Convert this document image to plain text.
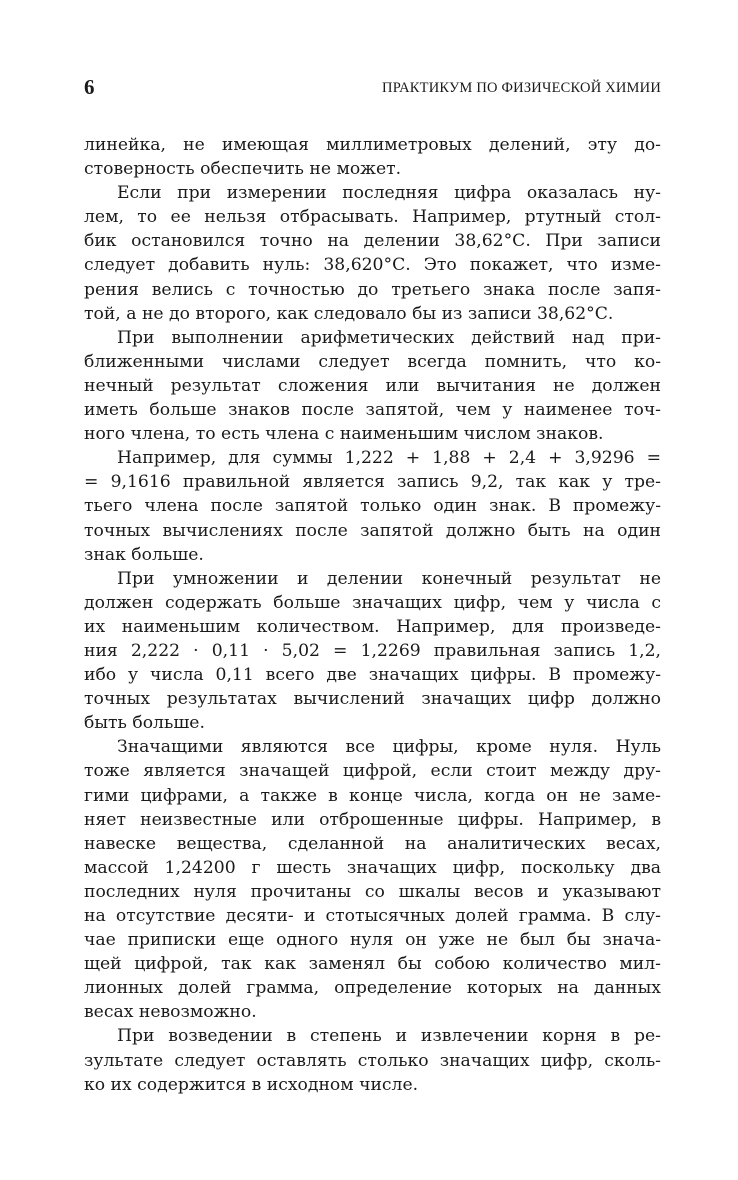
6	ПРАКТИКУМ ПО ФИЗИЧЕСКОЙ ХИМИИ
линейка, не имеющая миллиметровых делений, эту до-
стоверность обеспечить не может.
Если при измерении последняя цифра оказалась ну-
лем, то ее нельзя отбрасывать. Например, ртутный стол-
бик остановился точно на делении 38,62°С. При записи
следует добавить нуль: 38,620°С. Это покажет, что изме-
рения велись с точностью до третьего знака после запя-
той, а не до второго, как следовало бы из записи 38,62°С.
При выполнении арифметических действий над при-
ближенными числами следует всегда помнить, что ко-
нечный результат сложения или вычитания не должен
иметь больше знаков после запятой, чем у наименее точ-
ного члена, то есть члена с наименьшим числом знаков.
Например, для суммы 1,222 + 1,88 + 2,4 + 3,9296 =
= 9,1616 правильной является запись 9,2, так как у тре-
тьего члена после запятой только один знак. В промежу-
точных вычислениях после запятой должно быть на один
знак больше.
При умножении и делении конечный результат не
должен содержать больше значащих цифр, чем у числа с
их наименьшим количеством. Например, для произведе-
ния 2,222 · 0,11 · 5,02 = 1,2269 правильная запись 1,2,
ибо у числа 0,11 всего две значащих цифры. В промежу-
точных результатах вычислений значащих цифр должно
быть больше.
Значащими являются все цифры, кроме нуля. Нуль
тоже является значащей цифрой, если стоит между дру-
гими цифрами, а также в конце числа, когда он не заме-
няет неизвестные или отброшенные цифры. Например, в
навеске вещества, сделанной на аналитических весах,
массой 1,24200 г шесть значащих цифр, поскольку два
последних нуля прочитаны со шкалы весов и указывают
на отсутствие десяти- и стотысячных долей грамма. В слу-
чае приписки еще одного нуля он уже не был бы знача-
щей цифрой, так как заменял бы собою количество мил-
лионных долей грамма, определение которых на данных
весах невозможно.
При возведении в степень и извлечении корня в ре-
зультате следует оставлять столько значащих цифр, сколь-
ко их содержится в исходном числе.
